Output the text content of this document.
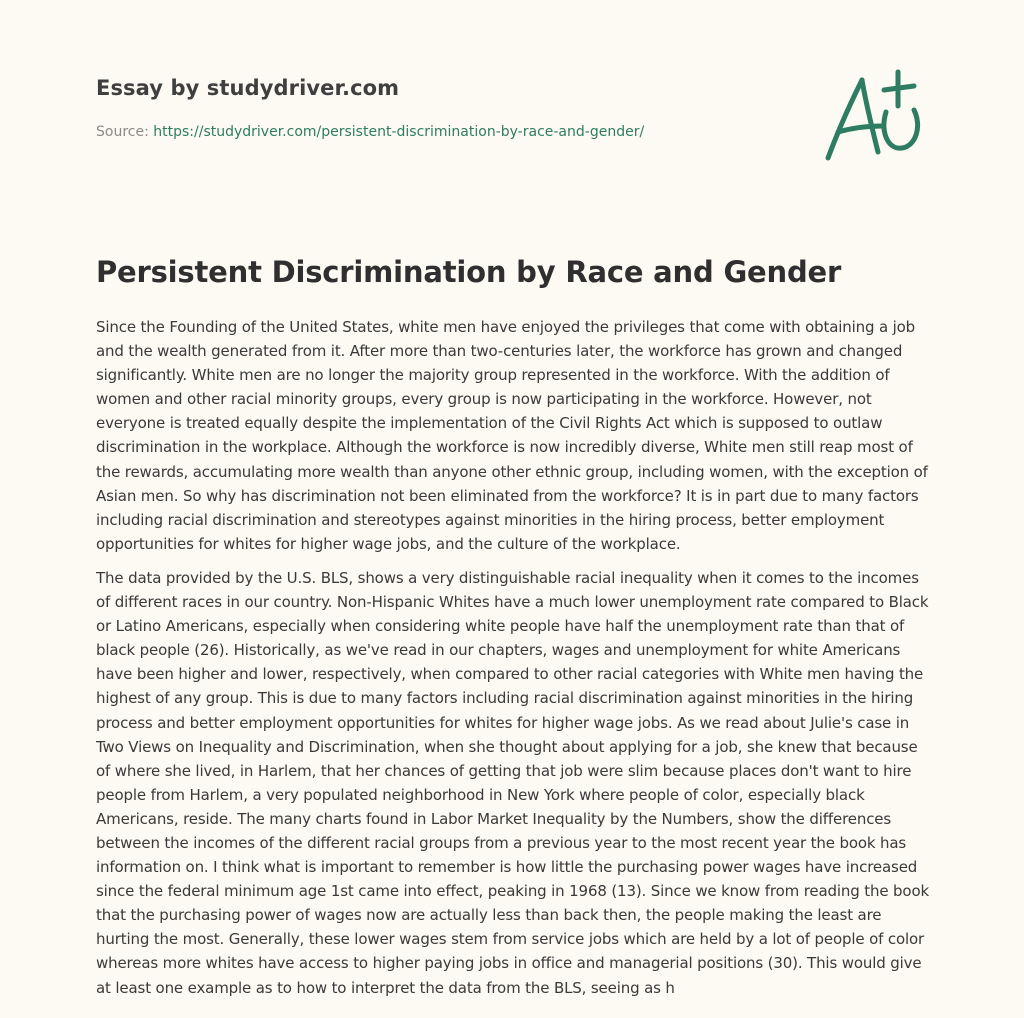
Essay by studydriver.com
Source: https://studydriver.com/persistent-discrimination-by-race-and-gender/
Persistent Discrimination by Race and Gender

Since the Founding of the United States, white men have enjoyed the privileges that come with obtaining a job and the wealth generated from it. After more than two-centuries later, the workforce has grown and changed significantly. White men are no longer the majority group represented in the workforce. With the addition of women and other racial minority groups, every group is now participating in the workforce. However, not everyone is treated equally despite the implementation of the Civil Rights Act which is supposed to outlaw discrimination in the workplace. Although the workforce is now incredibly diverse, White men still reap most of the rewards, accumulating more wealth than anyone other ethnic group, including women, with the exception of Asian men. So why has discrimination not been eliminated from the workforce? It is in part due to many factors including racial discrimination and stereotypes against minorities in the hiring process, better employment opportunities for whites for higher wage jobs, and the culture of the workplace.

The data provided by the U.S. BLS, shows a very distinguishable racial inequality when it comes to the incomes of different races in our country. Non-Hispanic Whites have a much lower unemployment rate compared to Black or Latino Americans, especially when considering white people have half the unemployment rate than that of black people (26). Historically, as we've read in our chapters, wages and unemployment for white Americans have been higher and lower, respectively, when compared to other racial categories with White men having the highest of any group. This is due to many factors including racial discrimination against minorities in the hiring process and better employment opportunities for whites for higher wage jobs. As we read about Julie's case in Two Views on Inequality and Discrimination, when she thought about applying for a job, she knew that because of where she lived, in Harlem, that her chances of getting that job were slim because places don't want to hire people from Harlem, a very populated neighborhood in New York where people of color, especially black Americans, reside. The many charts found in Labor Market Inequality by the Numbers, show the differences between the incomes of the different racial groups from a previous year to the most recent year the book has information on. I think what is important to remember is how little the purchasing power wages have increased since the federal minimum age 1st came into effect, peaking in 1968 (13). Since we know from reading the book that the purchasing power of wages now are actually less than back then, the people making the least are hurting the most. Generally, these lower wages stem from service jobs which are held by a lot of people of color whereas more whites have access to higher paying jobs in office and managerial positions (30). This would give at least one example as to how to interpret the data from the BLS, seeing as h
